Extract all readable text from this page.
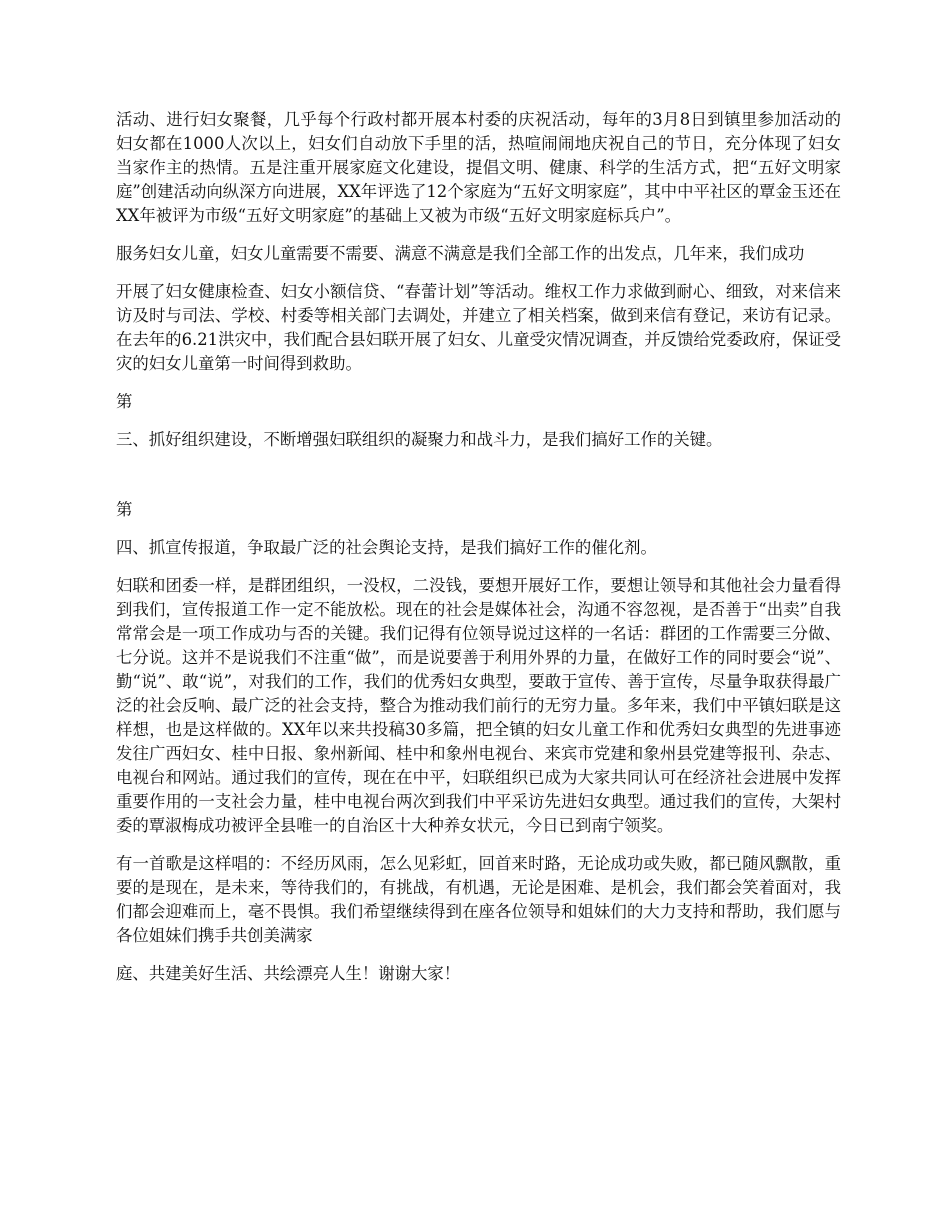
活动、进行妇女聚餐，几乎每个行政村都开展本村委的庆祝活动，每年的3月8日到镇里参加活动的妇女都在1000人次以上，妇女们自动放下手里的活，热喧闹闹地庆祝自己的节日，充分体现了妇女当家作主的热情。五是注重开展家庭文化建设，提倡文明、健康、科学的生活方式，把“五好文明家庭”创建活动向纵深方向进展，XX年评选了12个家庭为“五好文明家庭”，其中中平社区的覃金玉还在XX年被评为市级“五好文明家庭”的基础上又被为市级“五好文明家庭标兵户”。

服务妇女儿童，妇女儿童需要不需要、满意不满意是我们全部工作的出发点，几年来，我们成功

开展了妇女健康检查、妇女小额信贷、“春蕾计划”等活动。维权工作力求做到耐心、细致，对来信来访及时与司法、学校、村委等相关部门去调处，并建立了相关档案，做到来信有登记，来访有记录。在去年的6.21洪灾中，我们配合县妇联开展了妇女、儿童受灾情况调查，并反馈给党委政府，保证受灾的妇女儿童第一时间得到救助。

第

三、抓好组织建设，不断增强妇联组织的凝聚力和战斗力，是我们搞好工作的关键。

第

四、抓宣传报道，争取最广泛的社会舆论支持，是我们搞好工作的催化剂。

妇联和团委一样，是群团组织，一没权，二没钱，要想开展好工作，要想让领导和其他社会力量看得到我们，宣传报道工作一定不能放松。现在的社会是媒体社会，沟通不容忽视，是否善于“出卖”自我常常会是一项工作成功与否的关键。我们记得有位领导说过这样的一名话：群团的工作需要三分做、七分说。这并不是说我们不注重“做”，而是说要善于利用外界的力量，在做好工作的同时要会“说”、勤“说”、敢“说”，对我们的工作，我们的优秀妇女典型，要敢于宣传、善于宣传，尽量争取获得最广泛的社会反响、最广泛的社会支持，整合为推动我们前行的无穷力量。多年来，我们中平镇妇联是这样想，也是这样做的。XX年以来共投稿30多篇，把全镇的妇女儿童工作和优秀妇女典型的先进事迹发往广西妇女、桂中日报、象州新闻、桂中和象州电视台、来宾市党建和象州县党建等报刊、杂志、电视台和网站。通过我们的宣传，现在在中平，妇联组织已成为大家共同认可在经济社会进展中发挥重要作用的一支社会力量，桂中电视台两次到我们中平采访先进妇女典型。通过我们的宣传，大架村委的覃淑梅成功被评全县唯一的自治区十大种养女状元，今日已到南宁领奖。

有一首歌是这样唱的：不经历风雨，怎么见彩虹，回首来时路，无论成功或失败，都已随风飘散，重要的是现在，是未来，等待我们的，有挑战，有机遇，无论是困难、是机会，我们都会笑着面对，我们都会迎难而上，毫不畏惧。我们希望继续得到在座各位领导和姐妹们的大力支持和帮助，我们愿与各位姐妹们携手共创美满家

庭、共建美好生活、共绘漂亮人生！谢谢大家！
